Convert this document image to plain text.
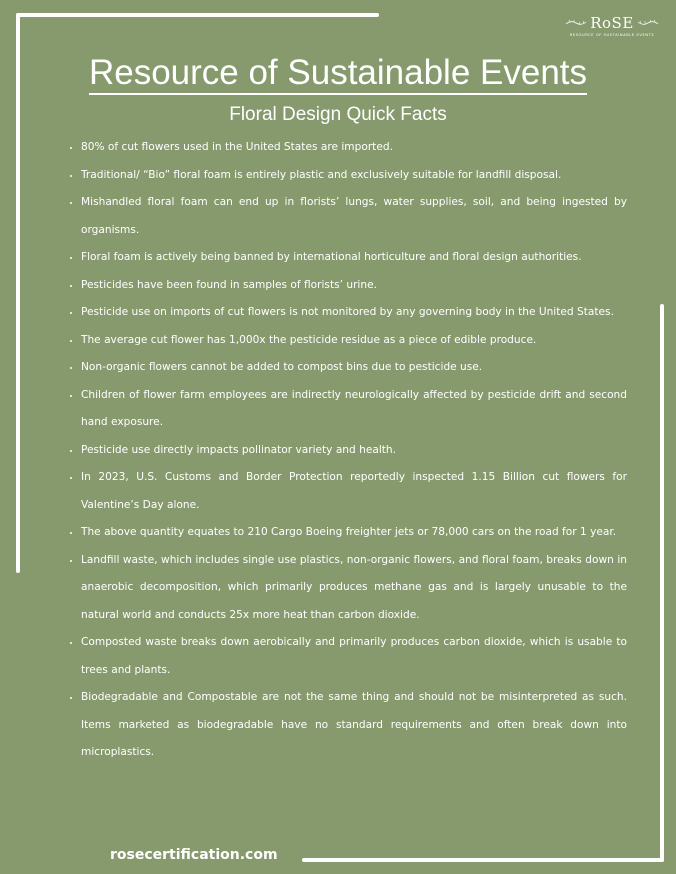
RoSE
RESOURCE OF SUSTAINABLE EVENTS
Resource of Sustainable Events
Floral Design Quick Facts
• 80% of cut flowers used in the United States are imported.
• Traditional/ “Bio” floral foam is entirely plastic and exclusively suitable for landfill disposal.
• Mishandled floral foam can end up in florists’ lungs, water supplies, soil, and being ingested by organisms.
• Floral foam is actively being banned by international horticulture and floral design authorities.
• Pesticides have been found in samples of florists’ urine.
• Pesticide use on imports of cut flowers is not monitored by any governing body in the United States.
• The average cut flower has 1,000x the pesticide residue as a piece of edible produce.
• Non-organic flowers cannot be added to compost bins due to pesticide use.
• Children of flower farm employees are indirectly neurologically affected by pesticide drift and second hand exposure.
• Pesticide use directly impacts pollinator variety and health.
• In 2023, U.S. Customs and Border Protection reportedly inspected 1.15 Billion cut flowers for Valentine’s Day alone.
• The above quantity equates to 210 Cargo Boeing freighter jets or 78,000 cars on the road for 1 year.
• Landfill waste, which includes single use plastics, non-organic flowers, and floral foam, breaks down in anaerobic decomposition, which primarily produces methane gas and is largely unusable to the natural world and conducts 25x more heat than carbon dioxide.
• Composted waste breaks down aerobically and primarily produces carbon dioxide, which is usable to trees and plants.
• Biodegradable and Compostable are not the same thing and should not be misinterpreted as such. Items marketed as biodegradable have no standard requirements and often break down into microplastics.
rosecertification.com
